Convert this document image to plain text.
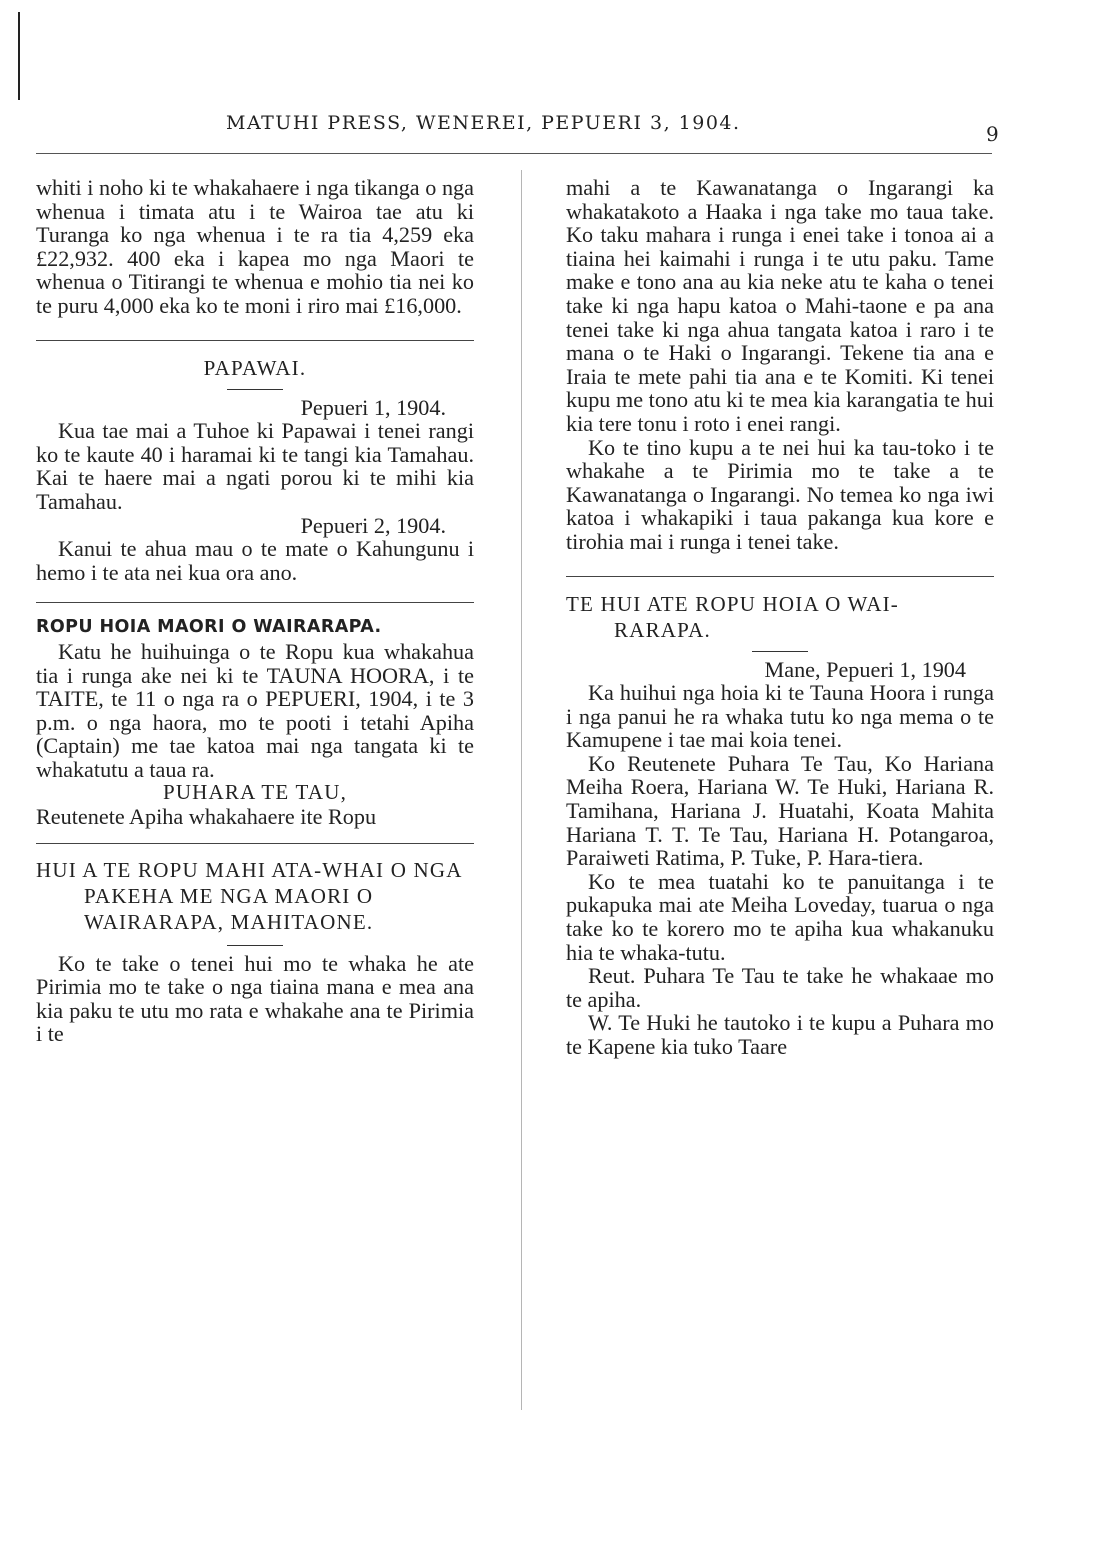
MATUHI PRESS, WENEREI, PEPUERI 3, 1904.	9

whiti i noho ki te whakahaere i nga tikanga o nga whenua i timata atu i te Wairoa tae atu ki Turanga ko nga whenua i te ra tia 4,259 eka £22,932. 400 eka i kapea mo nga Maori te whenua o Titirangi te whenua e mohio tia nei ko te puru 4,000 eka ko te moni i riro mai £16,000.

PAPAWAI.

Pepueri 1, 1904.

Kua tae mai a Tuhoe ki Papawai i tenei rangi ko te kaute 40 i haramai ki te tangi kia Tamahau. Kai te haere mai a ngati porou ki te mihi kia Tamahau.

Pepueri 2, 1904.

Kanui te ahua mau o te mate o Kahungunu i hemo i te ata nei kua ora ano.

ROPU HOIA MAORI O WAIRARAPA.

Katu he huihuinga o te Ropu kua whakahua tia i runga ake nei ki te TAUNA HOORA, i te TAITE, te 11 o nga ra o PEPUERI, 1904, i te 3 p.m. o nga haora, mo te pooti i tetahi Apiha (Captain) me tae katoa mai nga tangata ki te whakatutu a taua ra.

PUHARA TE TAU,

Reutenete Apiha whakahaere ite Ropu

HUI A TE ROPU MAHI ATA-WHAI O NGA PAKEHA ME NGA MAORI O WAIRARAPA, MAHITAONE.

Ko te take o tenei hui mo te whaka he ate Pirimia mo te take o nga tiaina mana e mea ana kia paku te utu mo rata e whakahe ana te Pirimia i te

mahi a te Kawanatanga o Ingarangi ka whakatakoto a Haaka i nga take mo taua take. Ko taku mahara i runga i enei take i tonoa ai a tiaina hei kaimahi i runga i te utu paku. Tame make e tono ana au kia neke atu te kaha o tenei take ki nga hapu katoa o Mahi-taone e pa ana tenei take ki nga ahua tangata katoa i raro i te mana o te Haki o Ingarangi. Tekene tia ana e Iraia te mete pahi tia ana e te Komiti. Ki tenei kupu me tono atu ki te mea kia karangatia te hui kia tere tonu i roto i enei rangi.

Ko te tino kupu a te nei hui ka tau-toko i te whakahe a te Pirimia mo te take a te Kawanatanga o Ingarangi. No temea ko nga iwi katoa i whakapiki i taua pakanga kua kore e tirohia mai i runga i tenei take.

TE HUI ATE ROPU HOIA O WAI-RARAPA.

Mane, Pepueri 1, 1904

Ka huihui nga hoia ki te Tauna Hoora i runga i nga panui he ra whaka tutu ko nga mema o te Kamupene i tae mai koia tenei.

Ko Reutenete Puhara Te Tau, Ko Hariana Meiha Roera, Hariana W. Te Huki, Hariana R. Tamihana, Hariana J. Huatahi, Koata Mahita Hariana T. T. Te Tau, Hariana H. Potangaroa, Paraiweti Ratima, P. Tuke, P. Hara-tiera.

Ko te mea tuatahi ko te panuitanga i te pukapuka mai ate Meiha Loveday, tuarua o nga take ko te korero mo te apiha kua whakanuku hia te whaka-tutu.

Reut. Puhara Te Tau te take he whakaae mo te apiha.

W. Te Huki he tautoko i te kupu a Puhara mo te Kapene kia tuko Taare
